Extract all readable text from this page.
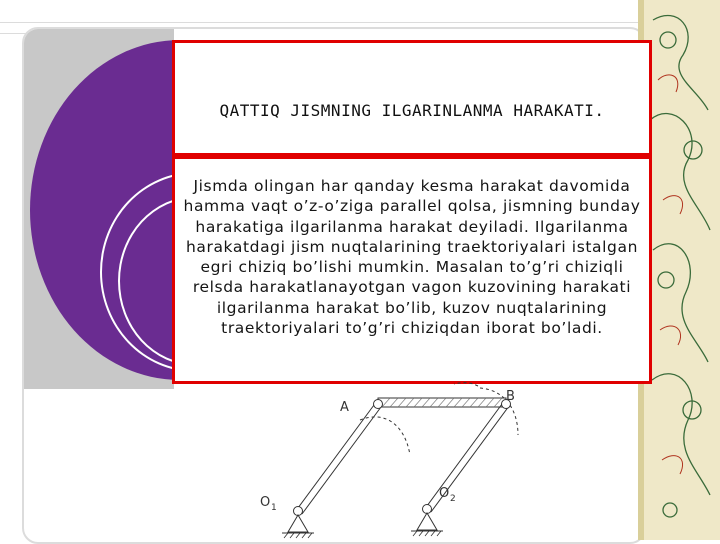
QATTIQ JISMNING ILGARINLANMA HARAKATI.
Jismda olingan har qanday kesma harakat davomida hamma vaqt o’z-o’ziga parallel qolsa, jismning bunday harakatiga ilgarilanma harakat deyiladi. Ilgarilanma harakatdagi jism nuqtalarining traektoriyalari istalgan egri chiziq bo’lishi mumkin. Masalan to’g’ri chiziqli relsda harakatlanayotgan vagon kuzovining harakati ilgarilanma harakat bo’lib, kuzov nuqtalarining traektoriyalari to’g’ri chiziqdan iborat bo’ladi.
A
B
O 1
O 2
